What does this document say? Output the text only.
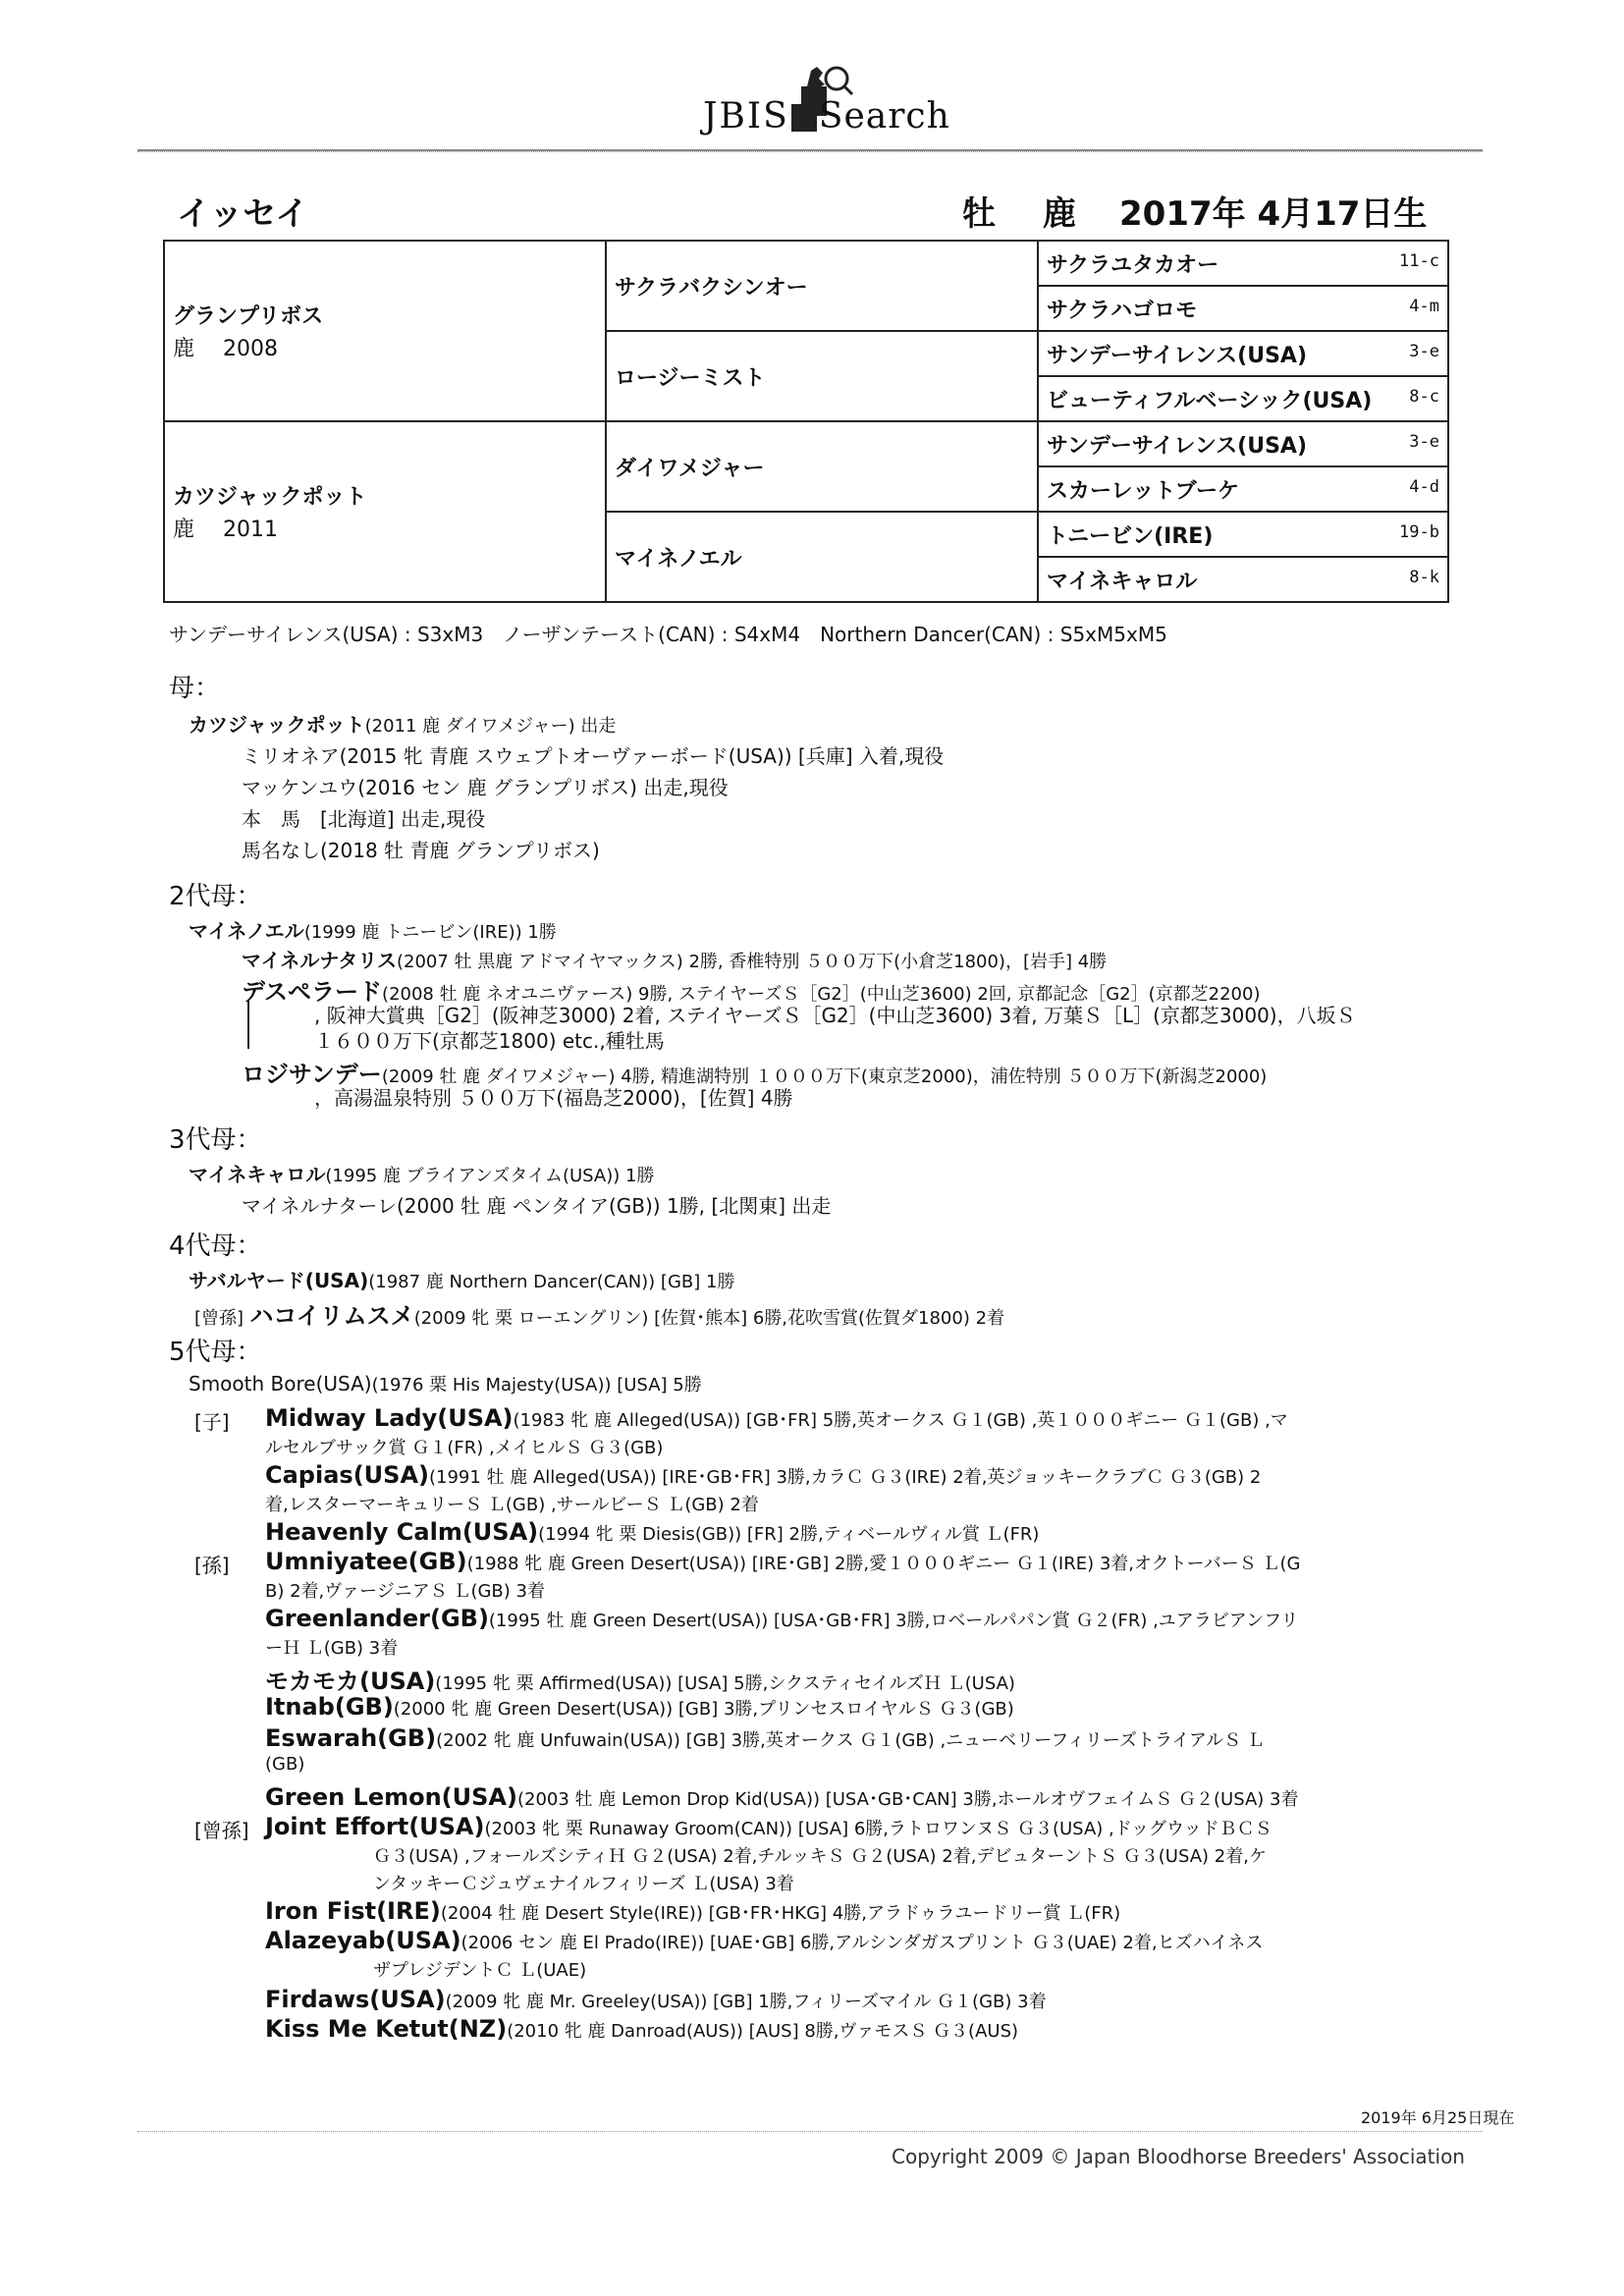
JBIS Search
イッセイ	牡 鹿 2017年 4月17日生
グランプリボス
鹿　 2008	サクラバクシンオー	サクラユタカオー 11-c

		サクラハゴロモ 4-m

	ロージーミスト	サンデーサイレンス(USA) 3-e

		ビューティフルベーシック(USA) 8-c

カツジャックポット
鹿　 2011	ダイワメジャー	サンデーサイレンス(USA) 3-e

		スカーレットブーケ 4-d

	マイネノエル	トニービン(IRE) 19-b

		マイネキャロル 8-k
サンデーサイレンス(USA) : S3xM3　ノーザンテースト(CAN) : S4xM4　Northern Dancer(CAN) : S5xM5xM5
母：
カツジャックポット(2011 鹿 ダイワメジャー) 出走
ミリオネア(2015 牝 青鹿 スウェプトオーヴァーボード(USA)) [兵庫] 入着,現役
マッケンユウ(2016 セン 鹿 グランプリボス) 出走,現役
本　馬　[北海道] 出走,現役
馬名なし(2018 牡 青鹿 グランプリボス)
2代母：
マイネノエル(1999 鹿 トニービン(IRE)) 1勝
マイネルナタリス(2007 牡 黒鹿 アドマイヤマックス) 2勝, 香椎特別 ５００万下(小倉芝1800)，[岩手] 4勝
デスペラード(2008 牡 鹿 ネオユニヴァース) 9勝, ステイヤーズＳ［G2］(中山芝3600) 2回, 京都記念［G2］(京都芝2200)
, 阪神大賞典［G2］(阪神芝3000) 2着, ステイヤーズＳ［G2］(中山芝3600) 3着, 万葉Ｓ［L］(京都芝3000)，八坂Ｓ
１６００万下(京都芝1800) etc.,種牡馬
ロジサンデー(2009 牡 鹿 ダイワメジャー) 4勝, 精進湖特別 １０００万下(東京芝2000)，浦佐特別 ５００万下(新潟芝2000)
，高湯温泉特別 ５００万下(福島芝2000)，[佐賀] 4勝
3代母：
マイネキャロル(1995 鹿 ブライアンズタイム(USA)) 1勝
マイネルナターレ(2000 牡 鹿 ペンタイア(GB)) 1勝, [北関東] 出走
4代母：
サバルヤード(USA)(1987 鹿 Northern Dancer(CAN)) [GB] 1勝
[曾孫] ハコイリムスメ(2009 牝 栗 ローエングリン) [佐賀･熊本] 6勝,花吹雪賞(佐賀ダ1800) 2着
5代母：
Smooth Bore(USA)(1976 栗 His Majesty(USA)) [USA] 5勝
[子]
[孫]
[曾孫]
Midway Lady(USA)(1983 牝 鹿 Alleged(USA)) [GB･FR] 5勝,英オークス Ｇ１(GB) ,英１０００ギニー Ｇ１(GB) ,マ
ルセルブサック賞 Ｇ１(FR) ,メイヒルＳ Ｇ３(GB)
Capias(USA)(1991 牡 鹿 Alleged(USA)) [IRE･GB･FR] 3勝,カラＣ Ｇ３(IRE) 2着,英ジョッキークラブＣ Ｇ３(GB) 2
着,レスターマーキュリーＳ Ｌ(GB) ,サールビーＳ Ｌ(GB) 2着
Heavenly Calm(USA)(1994 牝 栗 Diesis(GB)) [FR] 2勝,ティベールヴィル賞 Ｌ(FR)
Umniyatee(GB)(1988 牝 鹿 Green Desert(USA)) [IRE･GB] 2勝,愛１０００ギニー Ｇ１(IRE) 3着,オクトーバーＳ Ｌ(G
B) 2着,ヴァージニアＳ Ｌ(GB) 3着
Greenlander(GB)(1995 牡 鹿 Green Desert(USA)) [USA･GB･FR] 3勝,ロベールパパン賞 Ｇ２(FR) ,ユアラビアンフリ
ーＨ Ｌ(GB) 3着
モカモカ(USA)(1995 牝 栗 Affirmed(USA)) [USA] 5勝,シクスティセイルズＨ Ｌ(USA)
Itnab(GB)(2000 牝 鹿 Green Desert(USA)) [GB] 3勝,プリンセスロイヤルＳ Ｇ３(GB)
Eswarah(GB)(2002 牝 鹿 Unfuwain(USA)) [GB] 3勝,英オークス Ｇ１(GB) ,ニューベリーフィリーズトライアルＳ Ｌ
(GB)
Green Lemon(USA)(2003 牡 鹿 Lemon Drop Kid(USA)) [USA･GB･CAN] 3勝,ホールオヴフェイムＳ Ｇ２(USA) 3着
Joint Effort(USA)(2003 牝 栗 Runaway Groom(CAN)) [USA] 6勝,ラトロワンヌＳ Ｇ３(USA) ,ドッグウッドＢＣＳ
Ｇ３(USA) ,フォールズシティＨ Ｇ２(USA) 2着,チルッキＳ Ｇ２(USA) 2着,デビュターントＳ Ｇ３(USA) 2着,ケ
ンタッキーＣジュヴェナイルフィリーズ Ｌ(USA) 3着
Iron Fist(IRE)(2004 牡 鹿 Desert Style(IRE)) [GB･FR･HKG] 4勝,アラドゥラユードリー賞 Ｌ(FR)
Alazeyab(USA)(2006 セン 鹿 El Prado(IRE)) [UAE･GB] 6勝,アルシンダガスプリント Ｇ３(UAE) 2着,ヒズハイネス
ザプレジデントＣ Ｌ(UAE)
Firdaws(USA)(2009 牝 鹿 Mr. Greeley(USA)) [GB] 1勝,フィリーズマイル Ｇ１(GB) 3着
Kiss Me Ketut(NZ)(2010 牝 鹿 Danroad(AUS)) [AUS] 8勝,ヴァモスＳ Ｇ３(AUS)
2019年 6月25日現在
Copyright 2009 © Japan Bloodhorse Breeders' Association
